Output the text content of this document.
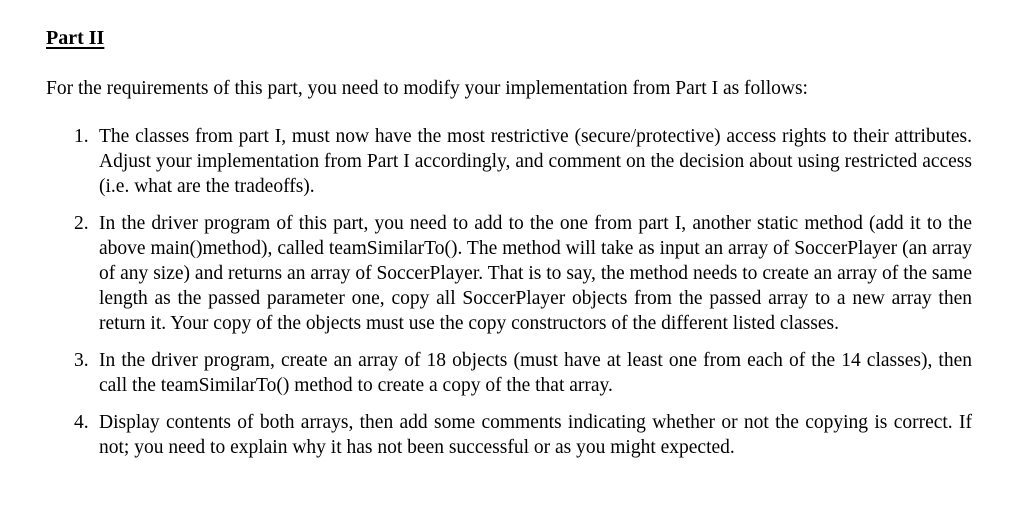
Part II

For the requirements of this part, you need to modify your implementation from Part I as follows:

1. The classes from part I, must now have the most restrictive (secure/protective) access rights to their attributes. Adjust your implementation from Part I accordingly, and comment on the decision about using restricted access (i.e. what are the tradeoffs).
2. In the driver program of this part, you need to add to the one from part I, another static method (add it to the above main()method), called teamSimilarTo(). The method will take as input an array of SoccerPlayer (an array of any size) and returns an array of SoccerPlayer. That is to say, the method needs to create an array of the same length as the passed parameter one, copy all SoccerPlayer objects from the passed array to a new array then return it. Your copy of the objects must use the copy constructors of the different listed classes.
3. In the driver program, create an array of 18 objects (must have at least one from each of the 14 classes), then call the teamSimilarTo() method to create a copy of the that array.
4. Display contents of both arrays, then add some comments indicating whether or not the copying is correct. If not; you need to explain why it has not been successful or as you might expected.
